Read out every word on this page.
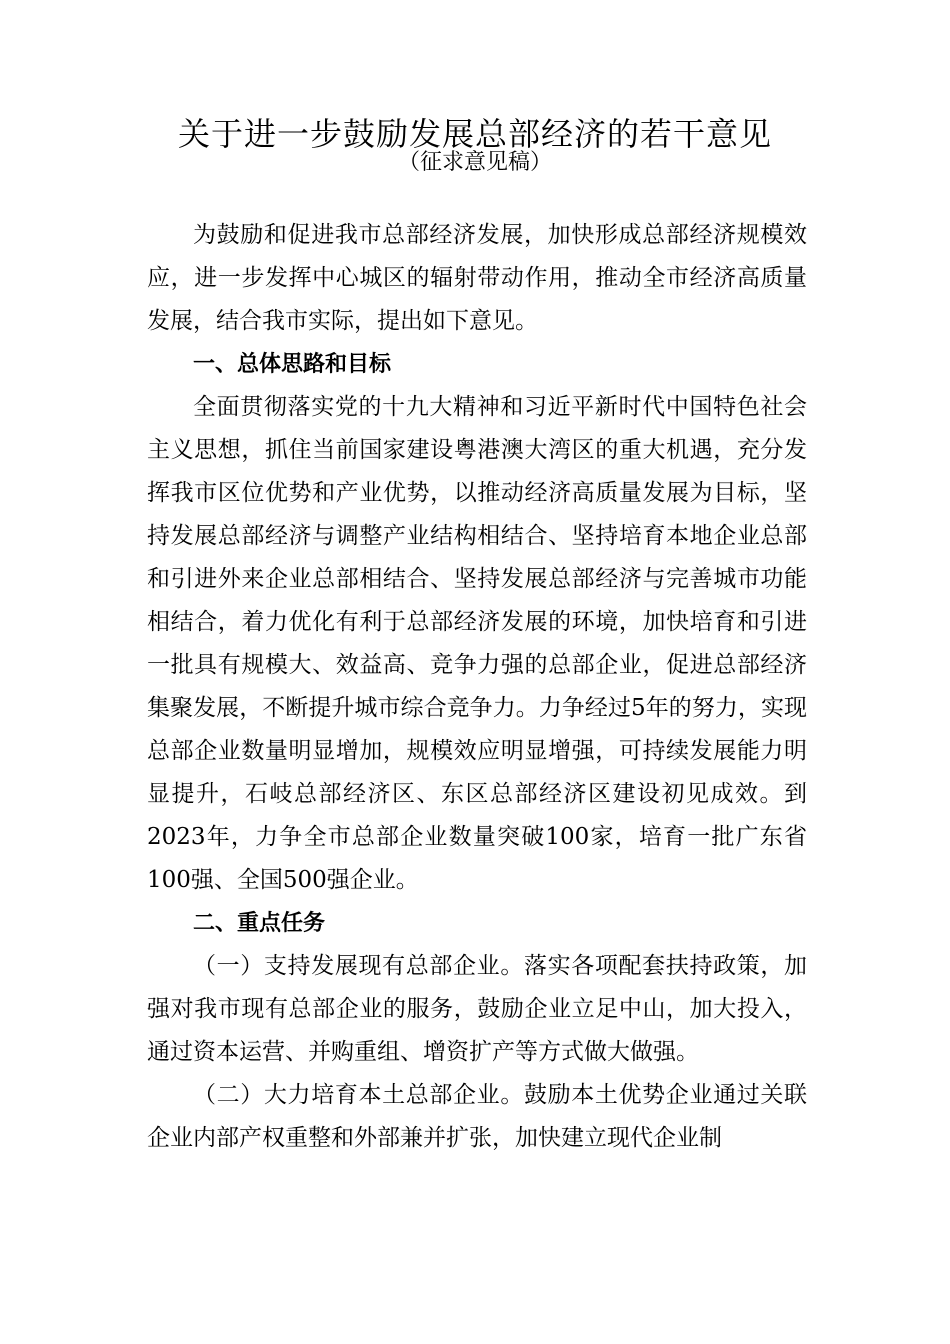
关于进一步鼓励发展总部经济的若干意见
（征求意见稿）

为鼓励和促进我市总部经济发展，加快形成总部经济规模效应，进一步发挥中心城区的辐射带动作用，推动全市经济高质量发展，结合我市实际，提出如下意见。

一、总体思路和目标

全面贯彻落实党的十九大精神和习近平新时代中国特色社会主义思想，抓住当前国家建设粤港澳大湾区的重大机遇，充分发挥我市区位优势和产业优势，以推动经济高质量发展为目标，坚持发展总部经济与调整产业结构相结合、坚持培育本地企业总部和引进外来企业总部相结合、坚持发展总部经济与完善城市功能相结合，着力优化有利于总部经济发展的环境，加快培育和引进一批具有规模大、效益高、竞争力强的总部企业，促进总部经济集聚发展，不断提升城市综合竞争力。力争经过5年的努力，实现总部企业数量明显增加，规模效应明显增强，可持续发展能力明显提升，石岐总部经济区、东区总部经济区建设初见成效。到2023年，力争全市总部企业数量突破100家，培育一批广东省100强、全国500强企业。

二、重点任务

（一）支持发展现有总部企业。落实各项配套扶持政策，加强对我市现有总部企业的服务，鼓励企业立足中山，加大投入，通过资本运营、并购重组、增资扩产等方式做大做强。

（二）大力培育本土总部企业。鼓励本土优势企业通过关联企业内部产权重整和外部兼并扩张，加快建立现代企业制
